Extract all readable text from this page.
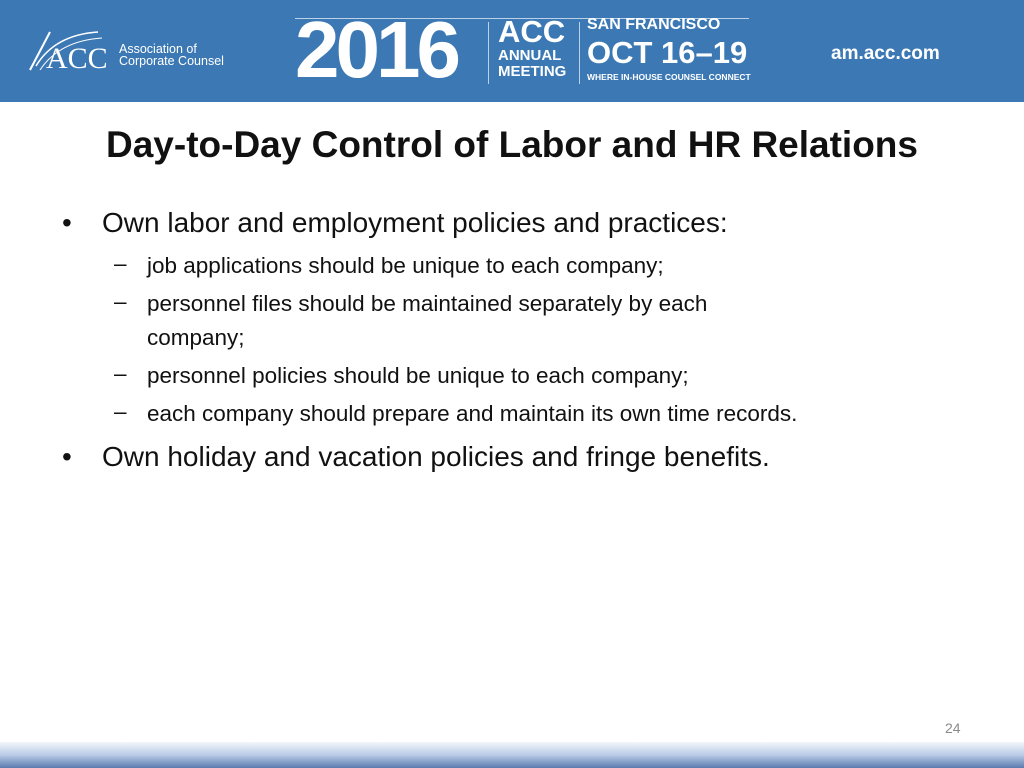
ACC Association of
Corporate Counsel 2016 ACC
ANNUAL
MEETING
SAN FRANCISCO
OCT 16–19
WHERE IN-HOUSE COUNSEL CONNECT
am.acc.com
Day-to-Day Control of Labor and HR Relations
• Own labor and employment policies and practices:
– job applications should be unique to each company;
– personnel files should be maintained separately by each company;
– personnel policies should be unique to each company;
– each company should prepare and maintain its own time records.
• Own holiday and vacation policies and fringe benefits.
24
